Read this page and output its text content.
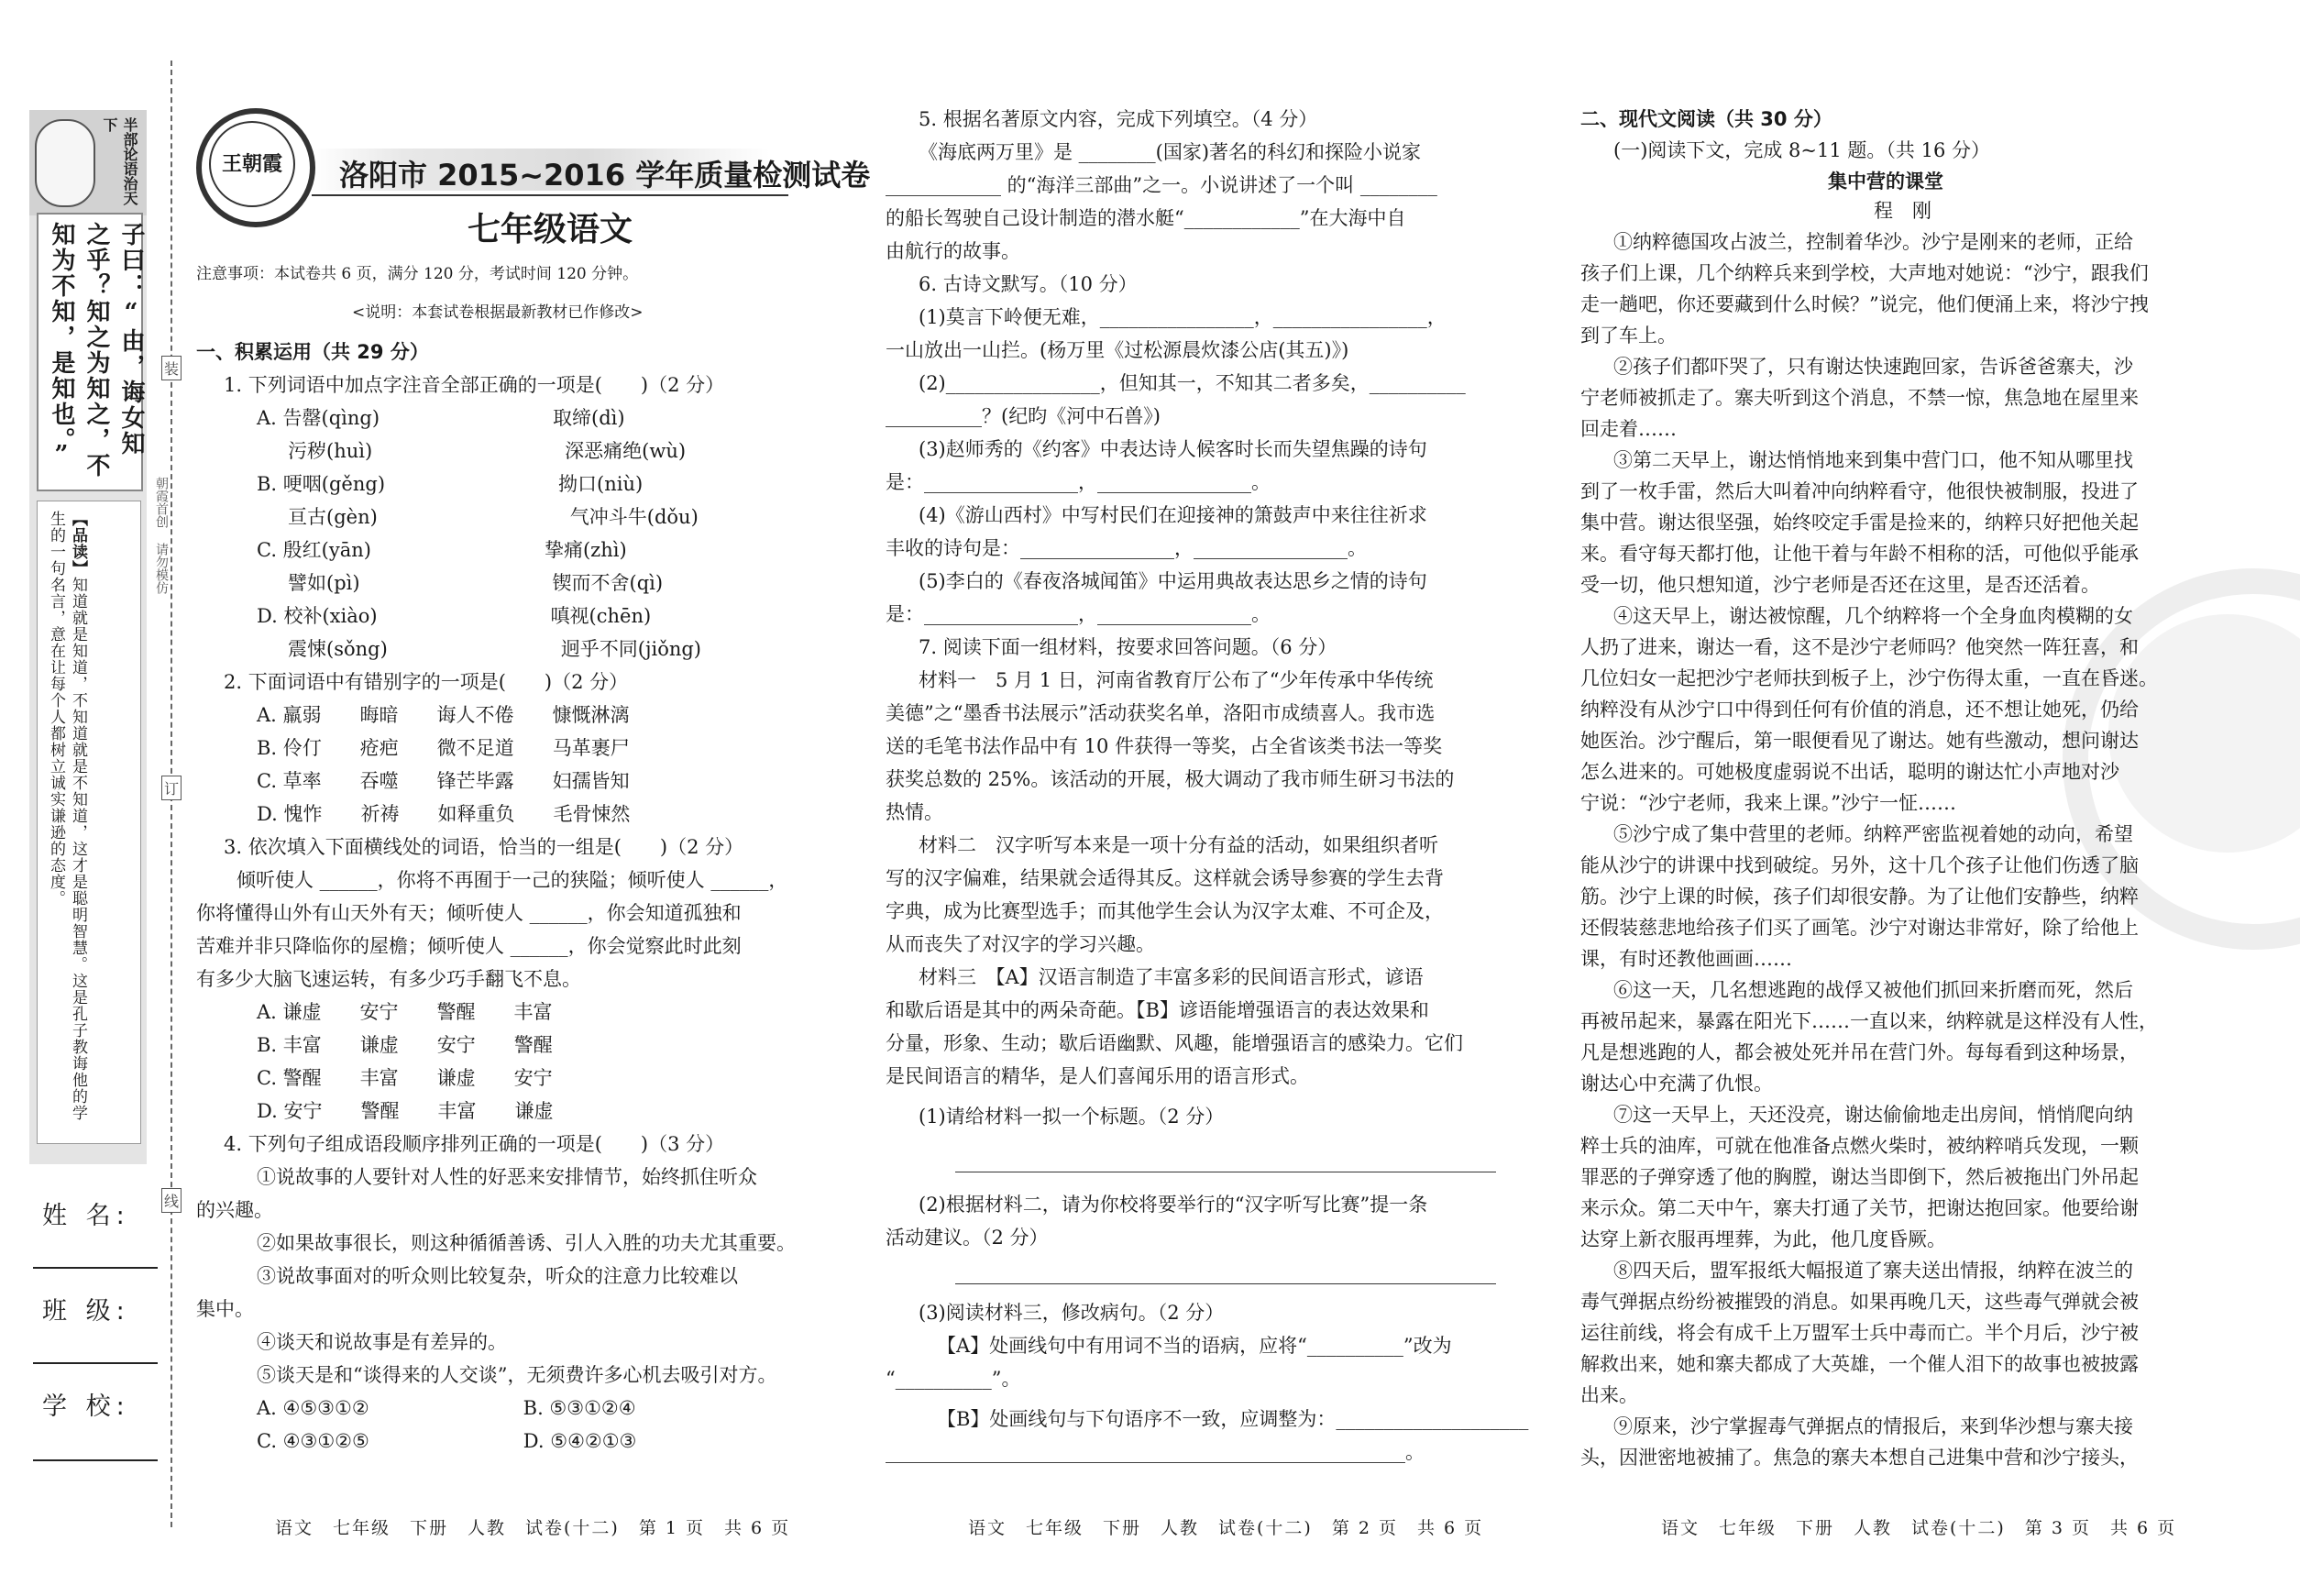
半部论语治天下
子曰：“由，诲女知之乎？知之为知之，不知为不知，是知也。”
【品读】知道就是知道，不知道就是不知道，这才是聪明智慧。这是孔子教诲他的学生的一句名言，意在让每个人都树立诚实谦逊的态度。	朝霞首创 请勿模仿
装
订
线
姓 名:
班 级:
学 校:
王朝霞	洛阳市 2015~2016 学年质量检测试卷
七年级语文
注意事项：本试卷共 6 页，满分 120 分，考试时间 120 分钟。
<说明：本套试卷根据最新教材已作修改>
一、积累运用（共 29 分）
1. 下列词语中加点字注音全部正确的一项是(　　)（2 分）
A. 告罄(qìng)　　　　　　　　　取缔(dì)
污秽(huì)　　　　　　　　　　深恶痛绝(wù)
B. 哽咽(gěng)　　　　　　　　　拗口(niù)
亘古(gèn)　　　　　　　　　　气冲斗牛(dǒu)
C. 殷红(yān)　　　　　　　　　挚痛(zhì)
譬如(pì)　　　　　　　　　　锲而不舍(qì)
D. 校补(xiào)　　　　　　　　　嗔视(chēn)
震悚(sǒng)　　　　　　　　　迥乎不同(jiǒng)
2. 下面词语中有错别字的一项是(　　)（2 分）
A. 羸弱　　晦暗　　诲人不倦　　慷慨淋漓
B. 伶仃　　疮疤　　微不足道　　马革裹尸
C. 草率　　吞噬　　锋芒毕露　　妇孺皆知
D. 愧怍　　祈祷　　如释重负　　毛骨悚然
3. 依次填入下面横线处的词语，恰当的一组是(　　)（2 分）
倾听使人 ______，你将不再囿于一己的狭隘；倾听使人 ______，
你将懂得山外有山天外有天；倾听使人 ______，你会知道孤独和
苦难并非只降临你的屋檐；倾听使人 ______，你会觉察此时此刻
有多少大脑飞速运转，有多少巧手翻飞不息。
A. 谦虚　　安宁　　警醒　　丰富
B. 丰富　　谦虚　　安宁　　警醒
C. 警醒　　丰富　　谦虚　　安宁
D. 安宁　　警醒　　丰富　　谦虚
4. 下列句子组成语段顺序排列正确的一项是(　　)（3 分）
①说故事的人要针对人性的好恶来安排情节，始终抓住听众
的兴趣。
②如果故事很长，则这种循循善诱、引人入胜的功夫尤其重要。
③说故事面对的听众则比较复杂，听众的注意力比较难以
集中。
④谈天和说故事是有差异的。
⑤谈天是和“谈得来的人交谈”，无须费许多心机去吸引对方。
A. ④⑤③①②　　　　　　　　B. ⑤③①②④
C. ④③①②⑤　　　　　　　　D. ⑤④②①③
语文　七年级　下册　人教　试卷(十二)　第 1 页　共 6 页
5. 根据名著原文内容，完成下列填空。（4 分）
《海底两万里》是 ________(国家)著名的科幻和探险小说家
____________ 的“海洋三部曲”之一。小说讲述了一个叫 ________
的船长驾驶自己设计制造的潜水艇“____________”在大海中自
由航行的故事。
6. 古诗文默写。（10 分）
(1)莫言下岭便无难，________________，________________，
一山放出一山拦。(杨万里《过松源晨炊漆公店(其五)》)
(2)________________，但知其一，不知其二者多矣，__________
__________？(纪昀《河中石兽》)
(3)赵师秀的《约客》中表达诗人候客时长而失望焦躁的诗句
是：________________，________________。
(4)《游山西村》中写村民们在迎接神的箫鼓声中来往往祈求
丰收的诗句是：________________，________________。
(5)李白的《春夜洛城闻笛》中运用典故表达思乡之情的诗句
是：________________，________________。
7. 阅读下面一组材料，按要求回答问题。（6 分）
材料一　5 月 1 日，河南省教育厅公布了“少年传承中华传统
美德”之“墨香书法展示”活动获奖名单，洛阳市成绩喜人。我市选
送的毛笔书法作品中有 10 件获得一等奖，占全省该类书法一等奖
获奖总数的 25%。该活动的开展，极大调动了我市师生研习书法的
热情。
材料二　汉字听写本来是一项十分有益的活动，如果组织者听
写的汉字偏难，结果就会适得其反。这样就会诱导参赛的学生去背
字典，成为比赛型选手；而其他学生会认为汉字太难、不可企及，
从而丧失了对汉字的学习兴趣。
材料三　【A】汉语言制造了丰富多彩的民间语言形式，谚语
和歇后语是其中的两朵奇葩。【B】谚语能增强语言的表达效果和
分量，形象、生动；歇后语幽默、风趣，能增强语言的感染力。它们
是民间语言的精华，是人们喜闻乐用的语言形式。
(1)请给材料一拟一个标题。（2 分）
(2)根据材料二，请为你校将要举行的“汉字听写比赛”提一条
活动建议。（2 分）
(3)阅读材料三，修改病句。（2 分）
【A】处画线句中有用词不当的语病，应将“__________”改为
“__________”。
【B】处画线句与下句语序不一致，应调整为：____________________
______________________________________________________。
语文　七年级　下册　人教　试卷(十二)　第 2 页　共 6 页
二、现代文阅读（共 30 分）
(一)阅读下文，完成 8~11 题。（共 16 分）
集中营的课堂
程　刚
①纳粹德国攻占波兰，控制着华沙。沙宁是刚来的老师，正给
孩子们上课，几个纳粹兵来到学校，大声地对她说：“沙宁，跟我们
走一趟吧，你还要藏到什么时候？”说完，他们便涌上来，将沙宁拽
到了车上。
②孩子们都吓哭了，只有谢达快速跑回家，告诉爸爸寨夫，沙
宁老师被抓走了。寨夫听到这个消息，不禁一惊，焦急地在屋里来
回走着……
③第二天早上，谢达悄悄地来到集中营门口，他不知从哪里找
到了一枚手雷，然后大叫着冲向纳粹看守，他很快被制服，投进了
集中营。谢达很坚强，始终咬定手雷是捡来的，纳粹只好把他关起
来。看守每天都打他，让他干着与年龄不相称的活，可他似乎能承
受一切，他只想知道，沙宁老师是否还在这里，是否还活着。
④这天早上，谢达被惊醒，几个纳粹将一个全身血肉模糊的女
人扔了进来，谢达一看，这不是沙宁老师吗？他突然一阵狂喜，和
几位妇女一起把沙宁老师扶到板子上，沙宁伤得太重，一直在昏迷。
纳粹没有从沙宁口中得到任何有价值的消息，还不想让她死，仍给
她医治。沙宁醒后，第一眼便看见了谢达。她有些激动，想问谢达
怎么进来的。可她极度虚弱说不出话，聪明的谢达忙小声地对沙
宁说：“沙宁老师，我来上课。”沙宁一怔……
⑤沙宁成了集中营里的老师。纳粹严密监视着她的动向，希望
能从沙宁的讲课中找到破绽。另外，这十几个孩子让他们伤透了脑
筋。沙宁上课的时候，孩子们却很安静。为了让他们安静些，纳粹
还假装慈悲地给孩子们买了画笔。沙宁对谢达非常好，除了给他上
课，有时还教他画画……
⑥这一天，几名想逃跑的战俘又被他们抓回来折磨而死，然后
再被吊起来，暴露在阳光下……一直以来，纳粹就是这样没有人性，
凡是想逃跑的人，都会被处死并吊在营门外。每每看到这种场景，
谢达心中充满了仇恨。
⑦这一天早上，天还没亮，谢达偷偷地走出房间，悄悄爬向纳
粹士兵的油库，可就在他准备点燃火柴时，被纳粹哨兵发现，一颗
罪恶的子弹穿透了他的胸膛，谢达当即倒下，然后被拖出门外吊起
来示众。第二天中午，寨夫打通了关节，把谢达抱回家。他要给谢
达穿上新衣服再埋葬，为此，他几度昏厥。
⑧四天后，盟军报纸大幅报道了寨夫送出情报，纳粹在波兰的
毒气弹据点纷纷被摧毁的消息。如果再晚几天，这些毒气弹就会被
运往前线，将会有成千上万盟军士兵中毒而亡。半个月后，沙宁被
解救出来，她和寨夫都成了大英雄，一个催人泪下的故事也被披露
出来。
⑨原来，沙宁掌握毒气弹据点的情报后，来到华沙想与寨夫接
头，因泄密地被捕了。焦急的寨夫本想自己进集中营和沙宁接头，
语文　七年级　下册　人教　试卷(十二)　第 3 页　共 6 页
